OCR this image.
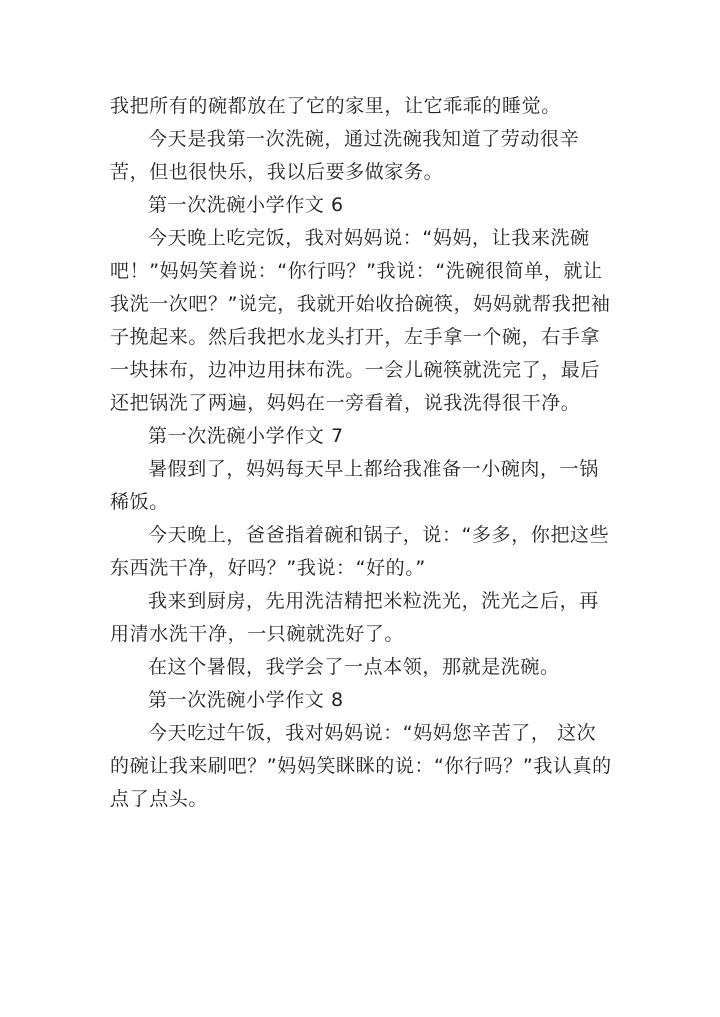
我把所有的碗都放在了它的家里，让它乖乖的睡觉。

今天是我第一次洗碗，通过洗碗我知道了劳动很辛苦，但也很快乐，我以后要多做家务。

第一次洗碗小学作文 6

今天晚上吃完饭，我对妈妈说：“妈妈，让我来洗碗吧！”妈妈笑着说：“你行吗？”我说：“洗碗很简单，就让我洗一次吧？”说完，我就开始收拾碗筷，妈妈就帮我把袖子挽起来。然后我把水龙头打开，左手拿一个碗，右手拿一块抹布，边冲边用抹布洗。一会儿碗筷就洗完了，最后还把锅洗了两遍，妈妈在一旁看着，说我洗得很干净。

第一次洗碗小学作文 7

暑假到了，妈妈每天早上都给我准备一小碗肉，一锅稀饭。

今天晚上，爸爸指着碗和锅子，说：“多多，你把这些东西洗干净，好吗？”我说：“好的。”

我来到厨房，先用洗洁精把米粒洗光，洗光之后，再用清水洗干净，一只碗就洗好了。

在这个暑假，我学会了一点本领，那就是洗碗。

第一次洗碗小学作文 8

今天吃过午饭，我对妈妈说：“妈妈您辛苦了， 这次的碗让我来刷吧？”妈妈笑眯眯的说：“你行吗？”我认真的点了点头。
